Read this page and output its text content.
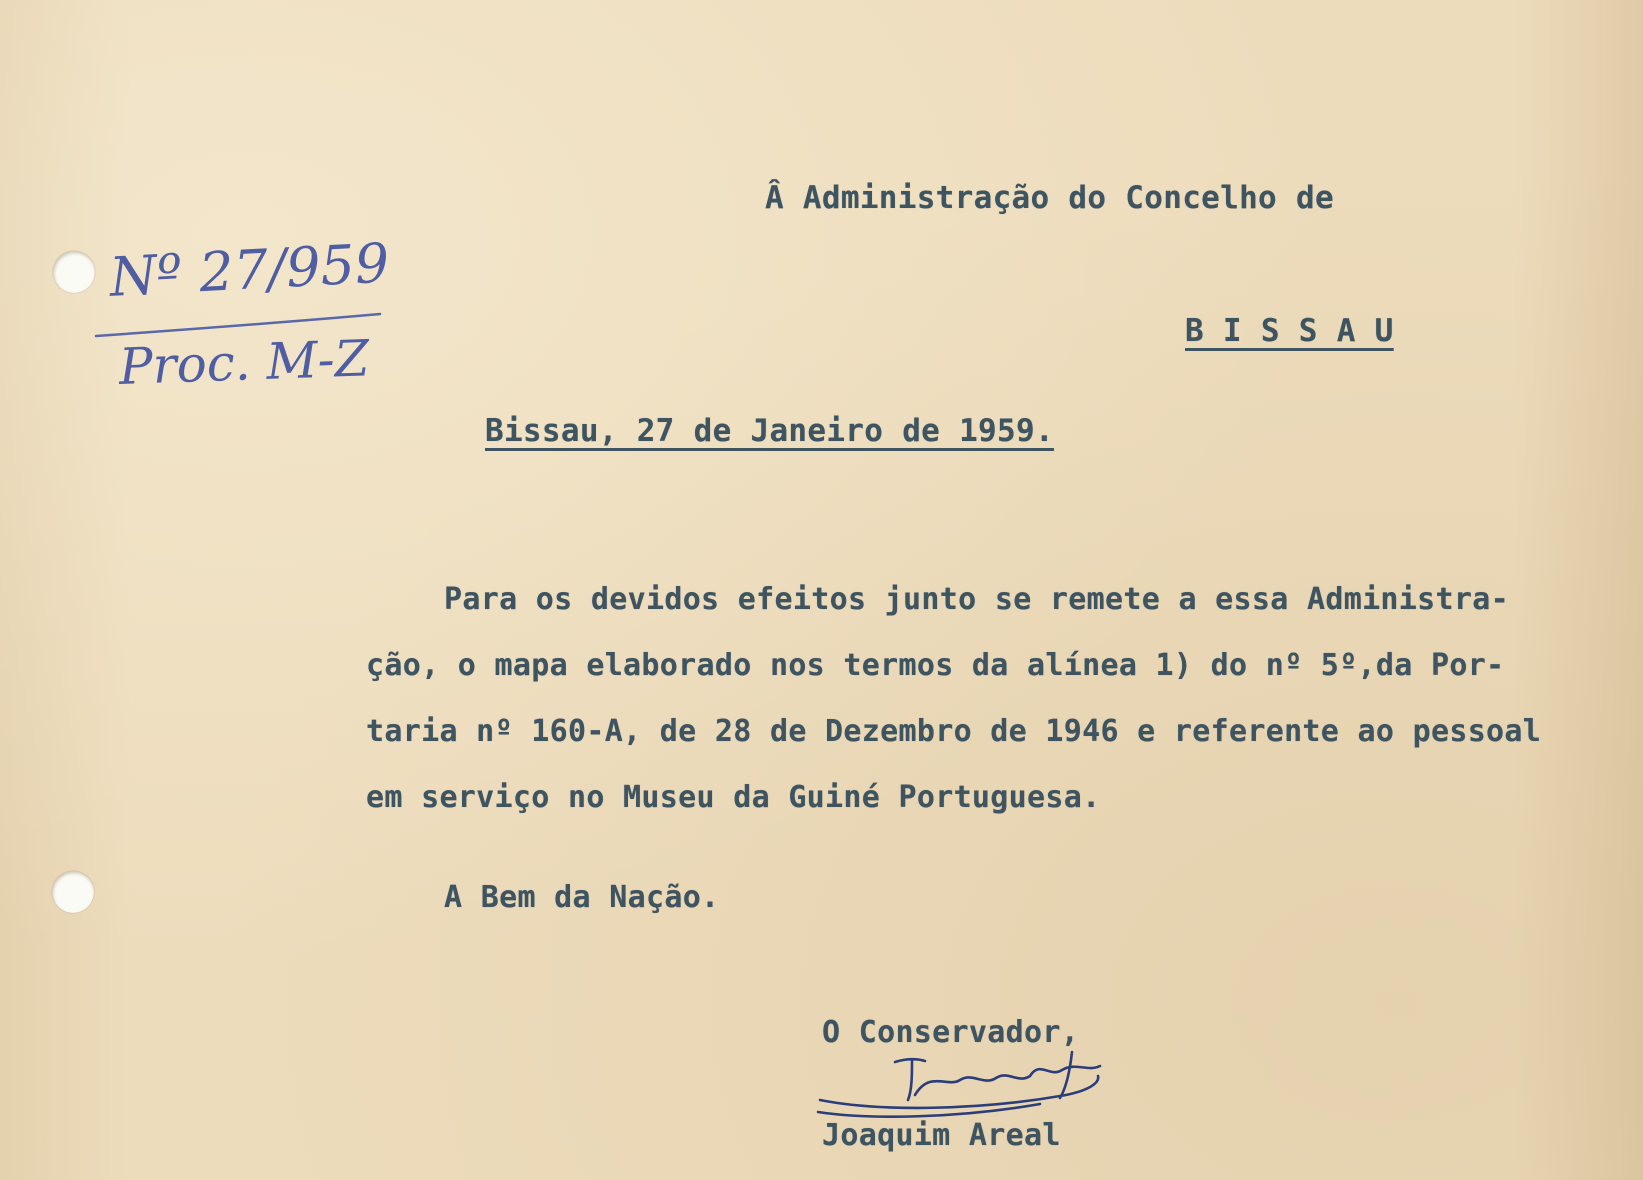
Nº 27/959
Proc. M-Z
Â Administração do Concelho de
B I S S A U
Bissau, 27 de Janeiro de 1959.
Para os devidos efeitos junto se remete a essa Administra-
ção, o mapa elaborado nos termos da alínea 1) do nº 5º,da Por-
taria nº 160-A, de 28 de Dezembro de 1946 e referente ao pessoal
em serviço no Museu da Guiné Portuguesa.
A Bem da Nação.
O Conservador,
Joaquim Areal
